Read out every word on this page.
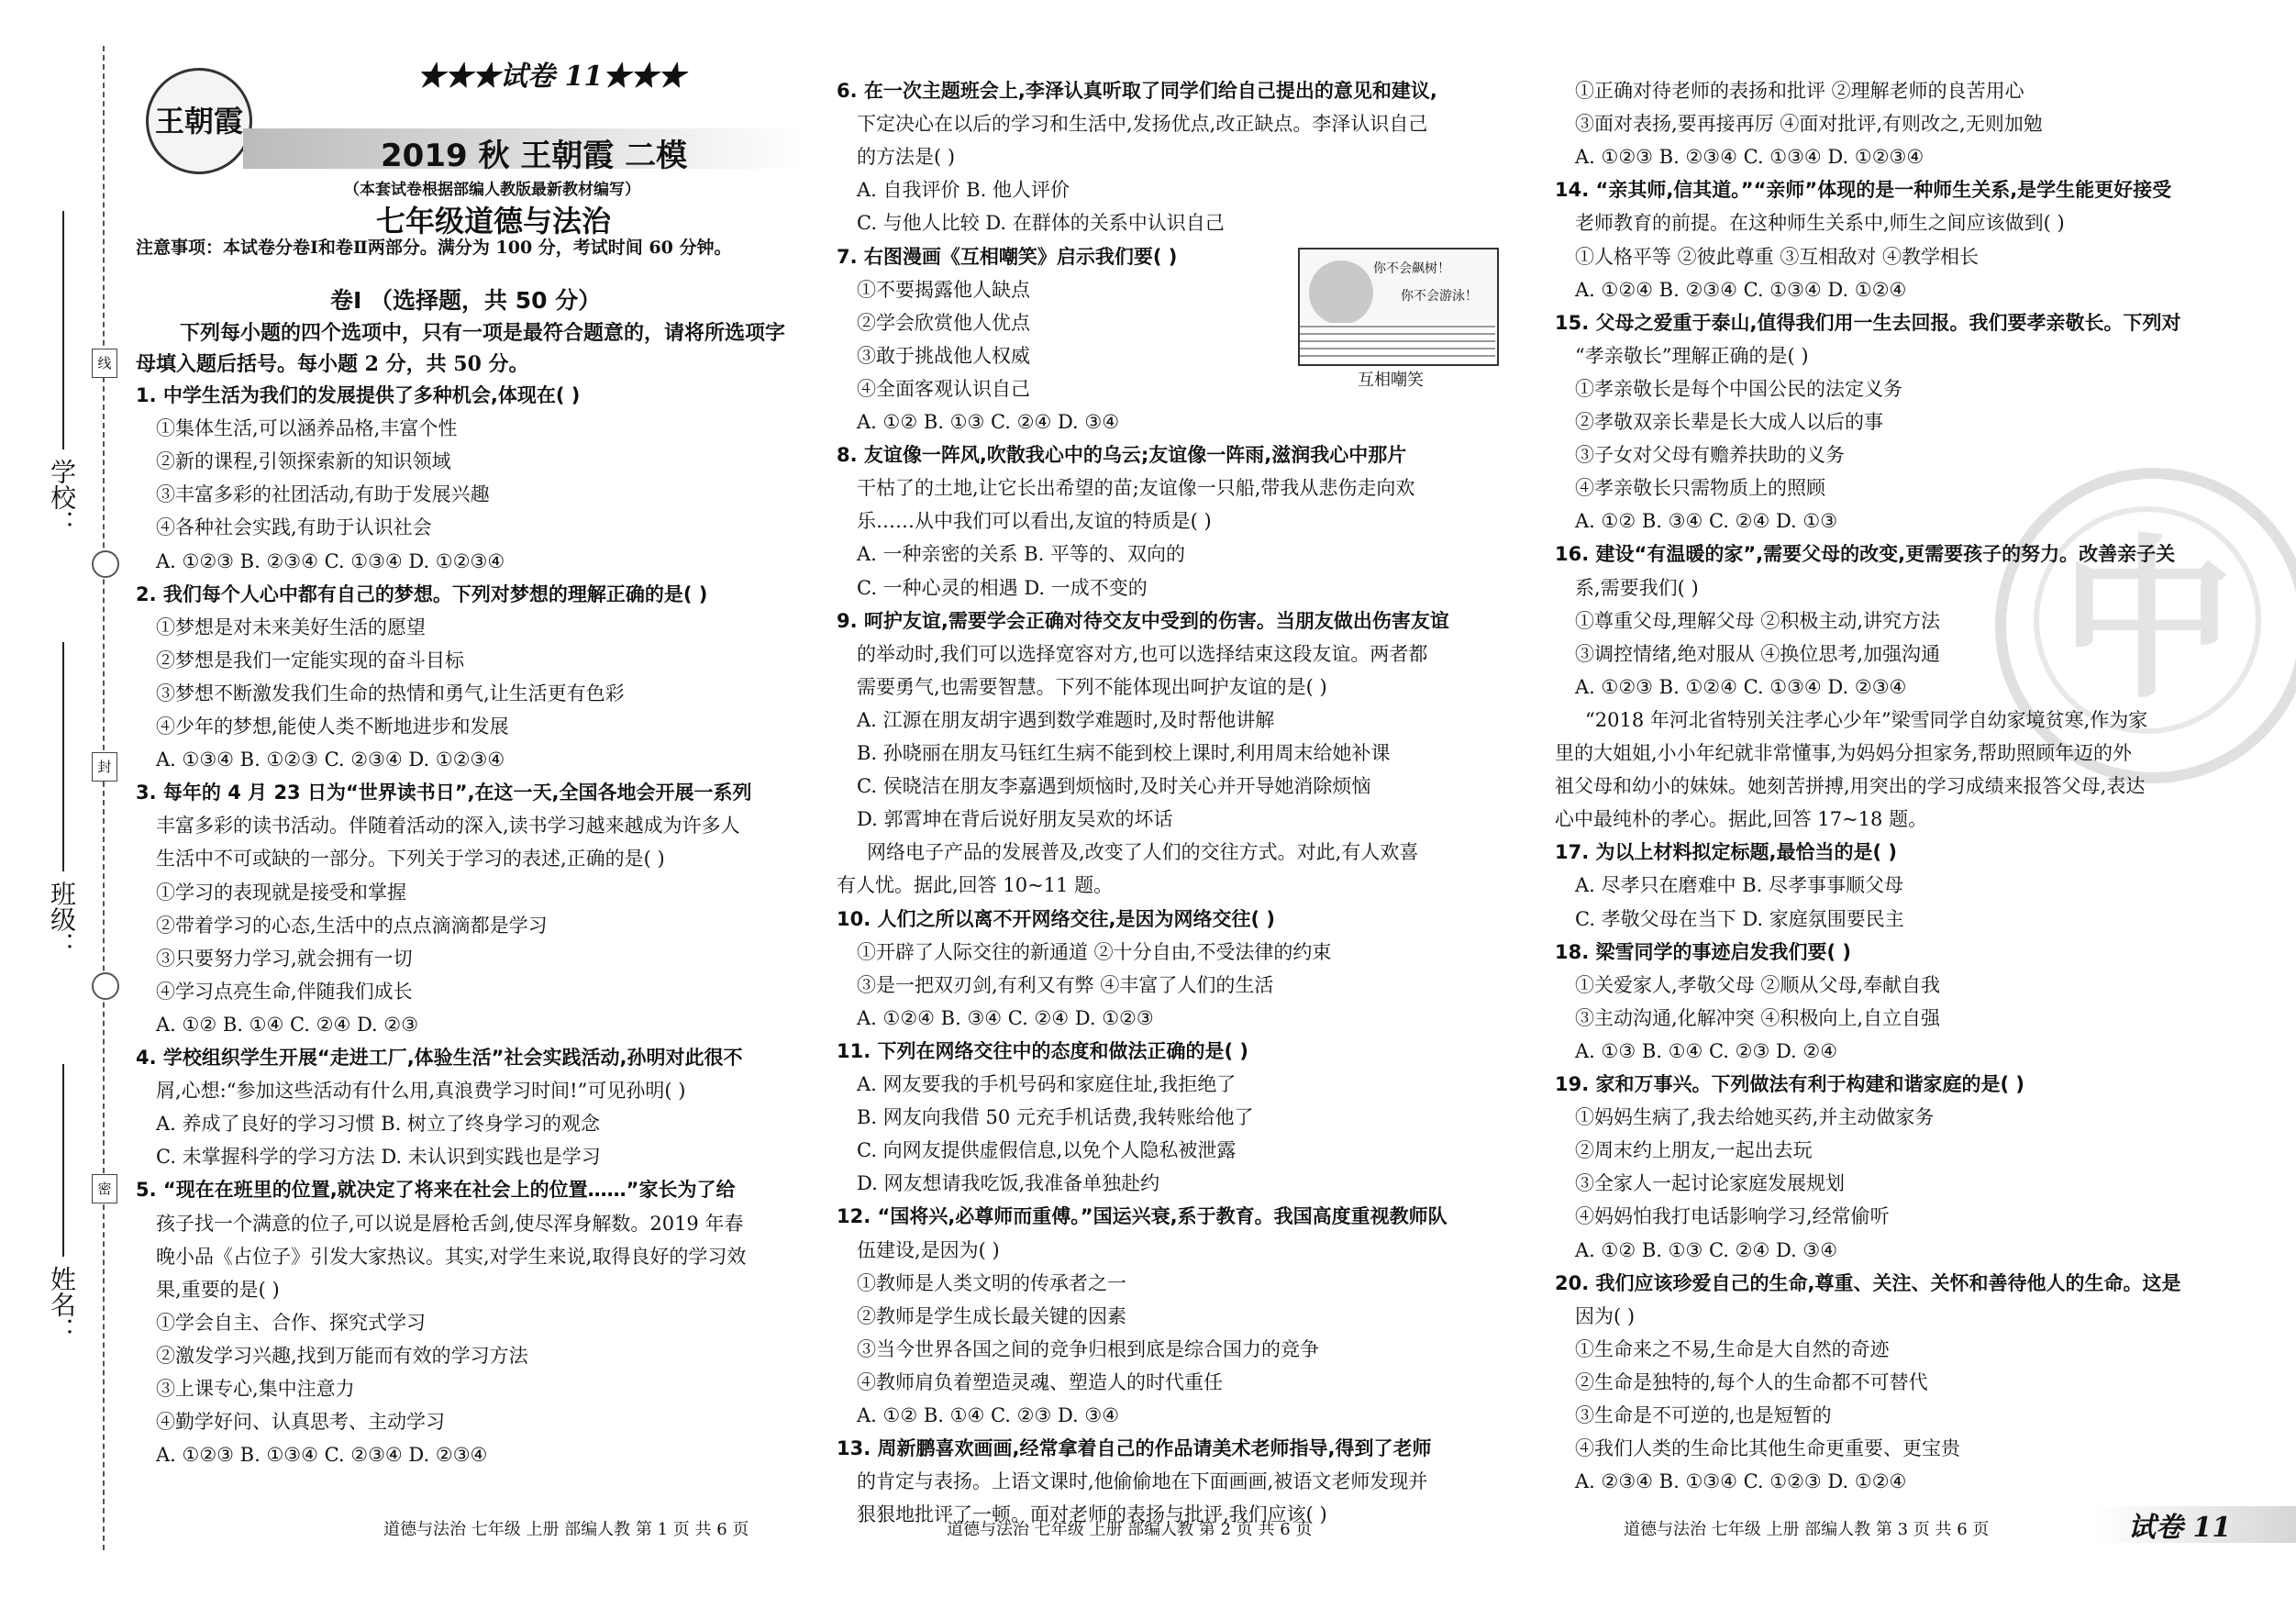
线
封
密
学校：
班级：
姓名：
王朝霞
★★★试卷 11★★★
2019 秋 王朝霞 二模
（本套试卷根据部编人教版最新教材编写）
七年级道德与法治
注意事项：本试卷分卷Ⅰ和卷Ⅱ两部分。满分为 100 分，考试时间 60 分钟。
卷Ⅰ （选择题，共 50 分）
下列每小题的四个选项中，只有一项是最符合题意的，请将所选项字
母填入题后括号。每小题 2 分，共 50 分。
你不会飙树！
你不会游泳！
互相嘲笑
中
1. 中学生活为我们的发展提供了多种机会,体现在( )
①集体生活,可以涵养品格,丰富个性
②新的课程,引领探索新的知识领域
③丰富多彩的社团活动,有助于发展兴趣
④各种社会实践,有助于认识社会
A. ①②③ B. ②③④ C. ①③④ D. ①②③④
2. 我们每个人心中都有自己的梦想。下列对梦想的理解正确的是( )
①梦想是对未来美好生活的愿望
②梦想是我们一定能实现的奋斗目标
③梦想不断激发我们生命的热情和勇气,让生活更有色彩
④少年的梦想,能使人类不断地进步和发展
A. ①③④ B. ①②③ C. ②③④ D. ①②③④
3. 每年的 4 月 23 日为“世界读书日”,在这一天,全国各地会开展一系列
丰富多彩的读书活动。伴随着活动的深入,读书学习越来越成为许多人
生活中不可或缺的一部分。下列关于学习的表述,正确的是( )
①学习的表现就是接受和掌握
②带着学习的心态,生活中的点点滴滴都是学习
③只要努力学习,就会拥有一切
④学习点亮生命,伴随我们成长
A. ①② B. ①④ C. ②④ D. ②③
4. 学校组织学生开展“走进工厂,体验生活”社会实践活动,孙明对此很不
屑,心想:“参加这些活动有什么用,真浪费学习时间!”可见孙明( )
A. 养成了良好的学习习惯 B. 树立了终身学习的观念
C. 未掌握科学的学习方法 D. 未认识到实践也是学习
5. “现在在班里的位置,就决定了将来在社会上的位置……”家长为了给
孩子找一个满意的位子,可以说是唇枪舌剑,使尽浑身解数。2019 年春
晚小品《占位子》引发大家热议。其实,对学生来说,取得良好的学习效
果,重要的是( )
①学会自主、合作、探究式学习
②激发学习兴趣,找到万能而有效的学习方法
③上课专心,集中注意力
④勤学好问、认真思考、主动学习
A. ①②③ B. ①③④ C. ②③④ D. ②③④
6. 在一次主题班会上,李泽认真听取了同学们给自己提出的意见和建议,
下定决心在以后的学习和生活中,发扬优点,改正缺点。李泽认识自己
的方法是( )
A. 自我评价 B. 他人评价
C. 与他人比较 D. 在群体的关系中认识自己
7. 右图漫画《互相嘲笑》启示我们要( )
①不要揭露他人缺点
②学会欣赏他人优点
③敢于挑战他人权威
④全面客观认识自己
A. ①② B. ①③ C. ②④ D. ③④
8. 友谊像一阵风,吹散我心中的乌云;友谊像一阵雨,滋润我心中那片
干枯了的土地,让它长出希望的苗;友谊像一只船,带我从悲伤走向欢
乐……从中我们可以看出,友谊的特质是( )
A. 一种亲密的关系 B. 平等的、双向的
C. 一种心灵的相遇 D. 一成不变的
9. 呵护友谊,需要学会正确对待交友中受到的伤害。当朋友做出伤害友谊
的举动时,我们可以选择宽容对方,也可以选择结束这段友谊。两者都
需要勇气,也需要智慧。下列不能体现出呵护友谊的是( )
A. 江源在朋友胡宇遇到数学难题时,及时帮他讲解
B. 孙晓丽在朋友马钰红生病不能到校上课时,利用周末给她补课
C. 侯晓洁在朋友李嘉遇到烦恼时,及时关心并开导她消除烦恼
D. 郭霄坤在背后说好朋友吴欢的坏话
网络电子产品的发展普及,改变了人们的交往方式。对此,有人欢喜
有人忧。据此,回答 10~11 题。
10. 人们之所以离不开网络交往,是因为网络交往( )
①开辟了人际交往的新通道 ②十分自由,不受法律的约束
③是一把双刃剑,有利又有弊 ④丰富了人们的生活
A. ①②④ B. ③④ C. ②④ D. ①②③
11. 下列在网络交往中的态度和做法正确的是( )
A. 网友要我的手机号码和家庭住址,我拒绝了
B. 网友向我借 50 元充手机话费,我转账给他了
C. 向网友提供虚假信息,以免个人隐私被泄露
D. 网友想请我吃饭,我准备单独赴约
12. “国将兴,必尊师而重傅。”国运兴衰,系于教育。我国高度重视教师队
伍建设,是因为( )
①教师是人类文明的传承者之一
②教师是学生成长最关键的因素
③当今世界各国之间的竞争归根到底是综合国力的竞争
④教师肩负着塑造灵魂、塑造人的时代重任
A. ①② B. ①④ C. ②③ D. ③④
13. 周新鹏喜欢画画,经常拿着自己的作品请美术老师指导,得到了老师
的肯定与表扬。上语文课时,他偷偷地在下面画画,被语文老师发现并
狠狠地批评了一顿。面对老师的表扬与批评,我们应该( )
①正确对待老师的表扬和批评 ②理解老师的良苦用心
③面对表扬,要再接再厉 ④面对批评,有则改之,无则加勉
A. ①②③ B. ②③④ C. ①③④ D. ①②③④
14. “亲其师,信其道。”“亲师”体现的是一种师生关系,是学生能更好接受
老师教育的前提。在这种师生关系中,师生之间应该做到( )
①人格平等 ②彼此尊重 ③互相敌对 ④教学相长
A. ①②④ B. ②③④ C. ①③④ D. ①②④
15. 父母之爱重于泰山,值得我们用一生去回报。我们要孝亲敬长。下列对
“孝亲敬长”理解正确的是( )
①孝亲敬长是每个中国公民的法定义务
②孝敬双亲长辈是长大成人以后的事
③子女对父母有赡养扶助的义务
④孝亲敬长只需物质上的照顾
A. ①② B. ③④ C. ②④ D. ①③
16. 建设“有温暖的家”,需要父母的改变,更需要孩子的努力。改善亲子关
系,需要我们( )
①尊重父母,理解父母 ②积极主动,讲究方法
③调控情绪,绝对服从 ④换位思考,加强沟通
A. ①②③ B. ①②④ C. ①③④ D. ②③④
“2018 年河北省特别关注孝心少年”梁雪同学自幼家境贫寒,作为家
里的大姐姐,小小年纪就非常懂事,为妈妈分担家务,帮助照顾年迈的外
祖父母和幼小的妹妹。她刻苦拼搏,用突出的学习成绩来报答父母,表达
心中最纯朴的孝心。据此,回答 17~18 题。
17. 为以上材料拟定标题,最恰当的是( )
A. 尽孝只在磨难中 B. 尽孝事事顺父母
C. 孝敬父母在当下 D. 家庭氛围要民主
18. 梁雪同学的事迹启发我们要( )
①关爱家人,孝敬父母 ②顺从父母,奉献自我
③主动沟通,化解冲突 ④积极向上,自立自强
A. ①③ B. ①④ C. ②③ D. ②④
19. 家和万事兴。下列做法有利于构建和谐家庭的是( )
①妈妈生病了,我去给她买药,并主动做家务
②周末约上朋友,一起出去玩
③全家人一起讨论家庭发展规划
④妈妈怕我打电话影响学习,经常偷听
A. ①② B. ①③ C. ②④ D. ③④
20. 我们应该珍爱自己的生命,尊重、关注、关怀和善待他人的生命。这是
因为( )
①生命来之不易,生命是大自然的奇迹
②生命是独特的,每个人的生命都不可替代
③生命是不可逆的,也是短暂的
④我们人类的生命比其他生命更重要、更宝贵
A. ②③④ B. ①③④ C. ①②③ D. ①②④
道德与法治 七年级 上册 部编人教 第 1 页 共 6 页	道德与法治 七年级 上册 部编人教 第 2 页 共 6 页	道德与法治 七年级 上册 部编人教 第 3 页 共 6 页	试卷 11
